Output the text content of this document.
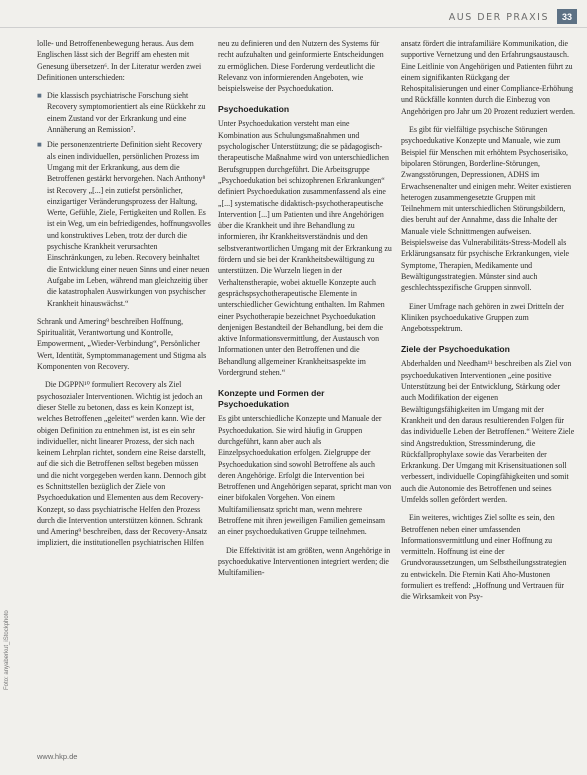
AUS DER PRAXIS	33

lolle- und Betroffenenbewegung heraus. Aus dem Englischen lässt sich der Begriff am ehesten mit Genesung übersetzen⁶. In der Literatur werden zwei Definitionen unterschieden:

■ Die klassisch psychiatrische Forschung sieht Recovery symptomorientiert als eine Rückkehr zu einem Zustand vor der Erkrankung und eine Annäherung an Remission⁷.
■ Die personenzentrierte Definition sieht Recovery als einen individuellen, persönlichen Prozess im Umgang mit der Erkrankung, aus dem die Betroffenen gestärkt hervorgehen. Nach Anthony⁸ ist Recovery „[...] ein zutiefst persönlicher, einzigartiger Veränderungsprozess der Haltung, Werte, Gefühle, Ziele, Fertigkeiten und Rollen. Es ist ein Weg, um ein befriedigendes, hoffnungsvolles und konstruktives Leben, trotz der durch die psychische Krankheit verursachten Einschränkungen, zu leben. Recovery beinhaltet die Entwicklung einer neuen Sinns und einer neuen Aufgabe im Leben, während man gleichzeitig über die katastrophalen Auswirkungen von psychischer Krankheit hinauswächst.“

Schrank und Amering⁹ beschreiben Hoffnung, Spiritualität, Verantwortung und Kontrolle, Empowerment, „Wieder-Verbindung“, Persönlicher Wert, Identität, Symptommanagement und Stigma als Komponenten von Recovery.

Die DGPPN¹⁰ formuliert Recovery als Ziel psychosozialer Interventionen. Wichtig ist jedoch an dieser Stelle zu betonen, dass es kein Konzept ist, welches Betroffenen „geleitet“ werden kann. Wie der obigen Definition zu entnehmen ist, ist es ein sehr individueller, nicht linearer Prozess, der sich nach keinem Lehrplan richtet, sondern eine Reise darstellt, auf die sich die Betroffenen selbst begeben müssen und die nicht vorgegeben werden kann. Dennoch gibt es Schnittstellen bezüglich der Ziele von Psychoedukation und Elementen aus dem Recovery-Konzept, so dass psychiatrische Helfen den Prozess durch die Intervention unterstützen können. Schrank und Amering⁹ beschreiben, dass der Recovery-Ansatz impliziert, die institutionellen psychiatrischen Hilfen

neu zu definieren und den Nutzern des Systems für recht aufzuhalten und geinformierte Entscheidungen zu ermöglichen. Diese Forderung verdeutlicht die Relevanz von informierenden Angeboten, wie beispielsweise der Psychoedukation.

Psychoedukation

Unter Psychoedukation versteht man eine Kombination aus Schulungsmaßnahmen und psychologischer Unterstützung; die se pädagogisch-therapeutische Maßnahme wird von unterschiedlichen Berufsgruppen durchgeführt. Die Arbeitsgruppe „Psychoedukation bei schizophrenen Erkrankungen“ definiert Psychoedukation zusammenfassend als eine „[...] systematische didaktisch-psychotherapeutische Intervention [...] um Patienten und ihre Angehörigen über die Krankheit und ihre Behandlung zu informieren, ihr Krankheitsverständnis und den selbstverantwortlichen Umgang mit der Erkrankung zu fördern und sie bei der Krankheitsbewältigung zu unterstützen. Die Wurzeln liegen in der Verhaltenstherapie, wobei aktuelle Konzepte auch gesprächspsychotherapeutische Elemente in unterschiedlicher Gewichtung enthalten. Im Rahmen einer Psychotherapie bezeichnet Psychoedukation denjenigen Bestandteil der Behandlung, bei dem die aktive Informationsvermittlung, der Austausch von Informationen unter den Betroffenen und die Behandlung allgemeiner Krankheitsaspekte im Vordergrund stehen.“

Konzepte und Formen der Psychoedukation

Es gibt unterschiedliche Konzepte und Manuale der Psychoedukation. Sie wird häufig in Gruppen durchgeführt, kann aber auch als Einzelpsychoedukation erfolgen. Zielgruppe der Psychoedukation sind sowohl Betroffene als auch deren Angehörige. Erfolgt die Intervention bei Betroffenen und Angehörigen separat, spricht man von einer bifokalen Vorgehen. Von einem Multifamiliensatz spricht man, wenn mehrere Betroffene mit ihren jeweiligen Familien gemeinsam an einer psychoedukativen Gruppe teilnehmen.

Die Effektivität ist am größten, wenn Angehörige in psychoedukative Interventionen integriert werden; die Multifamilien-

ansatz fördert die intrafamiliäre Kommunikation, die supportive Vernetzung und den Erfahrungsaustausch. Eine Leitlinie von Angehörigen und Patienten führt zu einem signifikanten Rückgang der Rehospitalisierungen und einer Compliance-Erhöhung und Rückfälle konnten durch die Einbezug von Angehörigen pro Jahr um 20 Prozent reduziert werden.

Es gibt für vielfältige psychische Störungen psychoedukative Konzepte und Manuale, wie zum Beispiel für Menschen mit erhöhtem Psychoserisiko, bipolaren Störungen, Borderline-Störungen, Zwangsstörungen, Depressionen, ADHS im Erwachsenenalter und einigen mehr. Weiter existieren heterogen zusammengesetzte Gruppen mit Teilnehmern mit unterschiedlichen Störungsbildern, dies beruht auf der Annahme, dass die Inhalte der Manuale viele Schnittmengen aufweisen. Beispielsweise das Vulnerabilitäts-Stress-Modell als Erklärungsansatz für psychische Erkrankungen, viele Symptome, Therapien, Medikamente und Bewältigungsstrategien. Münster sind auch geschlechtsspezifische Gruppen sinnvoll.

Einer Umfrage nach gehören in zwei Dritteln der Kliniken psychoedukative Gruppen zum Angebotsspektrum.

Ziele der Psychoedukation

Abderhalden und Needham¹¹ beschreiben als Ziel von psychoedukativen Interventionen „eine positive Unterstützung bei der Entwicklung, Stärkung oder auch Modifikation der eigenen Bewältigungsfähigkeiten im Umgang mit der Krankheit und den daraus resultierenden Folgen für das individuelle Leben der Betroffenen.“ Weitere Ziele sind Angstreduktion, Stressminderung, die Rückfallprophylaxe sowie das Verarbeiten der Erkrankung. Der Umgang mit Krisensituationen soll verbessert, individuelle Copingfähigkeiten und somit auch die Autonomie des Betroffenen und seines Umfelds sollen gefördert werden.

Ein weiteres, wichtiges Ziel sollte es sein, den Betroffenen neben einer umfassenden Informationsvermittlung und einer Hoffnung zu vermitteln. Hoffnung ist eine der Grundvoraussetzungen, um Selbstheilungsstrategien zu entwickeln. Die Fternin Kati Aho-Mustonen formuliert es treffend: „Hoffnung und Vertrauen für die Wirksamkeit von Psy-

Foto: anyaberkut_iStockphoto
www.hkp.de
